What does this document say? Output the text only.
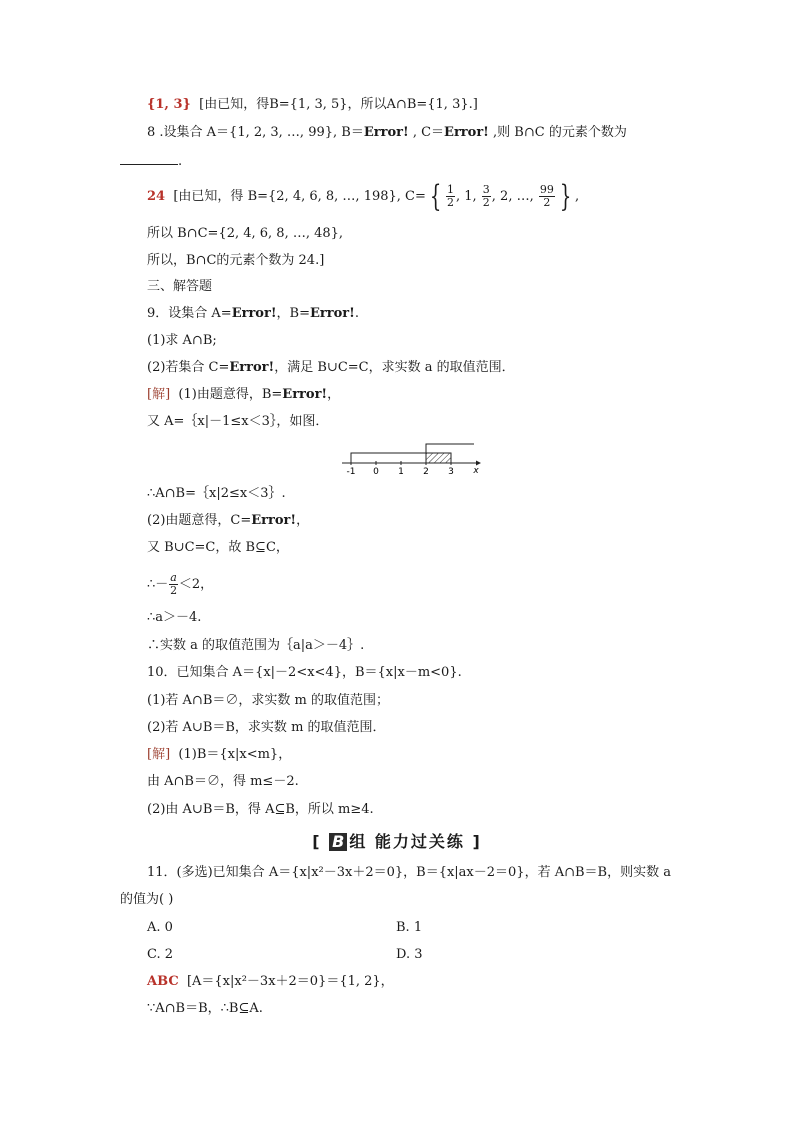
{1, 3} [由已知，得B={1, 3, 5}，所以A∩B={1, 3}.]
8 .设集合 A＝{1, 2, 3, …, 99}, B＝Error! , C＝Error! ,则 B∩C 的元素个数为
.
24 [由已知，得 B={2, 4, 6, 8, …, 198}, C= { $\frac{1}{2}$ , 1, $\frac{3}{2}$ , 2, …, $\frac{99}{2}$ } ,
所以 B∩C={2, 4, 6, 8, …, 48},
所以，B∩C的元素个数为 24.]
三、解答题
9．设集合 A=Error!，B=Error!.
(1)求 A∩B;
(2)若集合 C=Error!，满足 B∪C=C，求实数 a 的取值范围．
[解] (1)由题意得，B=Error!，
又 A=｛x|－1≤x＜3｝，如图．
-1 0 1 2 3 x
∴A∩B=｛x|2≤x＜3｝.
(2)由题意得，C=Error!，
又 B∪C=C，故 B⊆C，
∴－ $\frac{a}{2} <2$，
∴a＞－4.
∴实数 a 的取值范围为｛a|a＞－4｝.
10．已知集合 A＝{x|－2<x<4}，B＝{x|x－m<0}.
(1)若 A∩B＝∅，求实数 m 的取值范围；
(2)若 A∪B＝B，求实数 m 的取值范围．
[解] (1)B＝{x|x<m}，
由 A∩B＝∅，得 m≤－2.
(2)由 A∪B＝B，得 A⊆B，所以 m≥4.
[ B 组 能力过关练 ]
11．(多选)已知集合 A＝{x|x²－3x＋2＝0}，B＝{x|ax－2＝0}，若 A∩B＝B，则实数 a
的值为( )
A. 0	B. 1
C. 2	D. 3
ABC [A＝{x|x²－3x＋2＝0}＝{1, 2}，
∵A∩B＝B，∴B⊆A.
